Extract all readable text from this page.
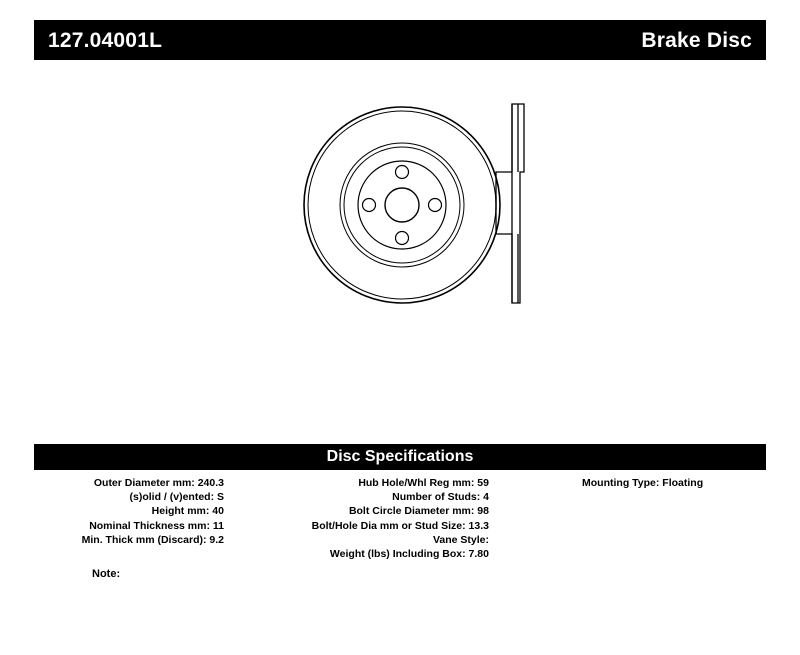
127.04001L	Brake Disc
Disc Specifications
Outer Diameter mm: 240.3
(s)olid / (v)ented: S
Height mm: 40
Nominal Thickness mm: 11
Min. Thick mm (Discard): 9.2
Hub Hole/Whl Reg mm: 59
Number of Studs: 4
Bolt Circle Diameter mm: 98
Bolt/Hole Dia mm or Stud Size: 13.3
Vane Style:
Weight (lbs) Including Box: 7.80
Mounting Type: Floating
Note:
